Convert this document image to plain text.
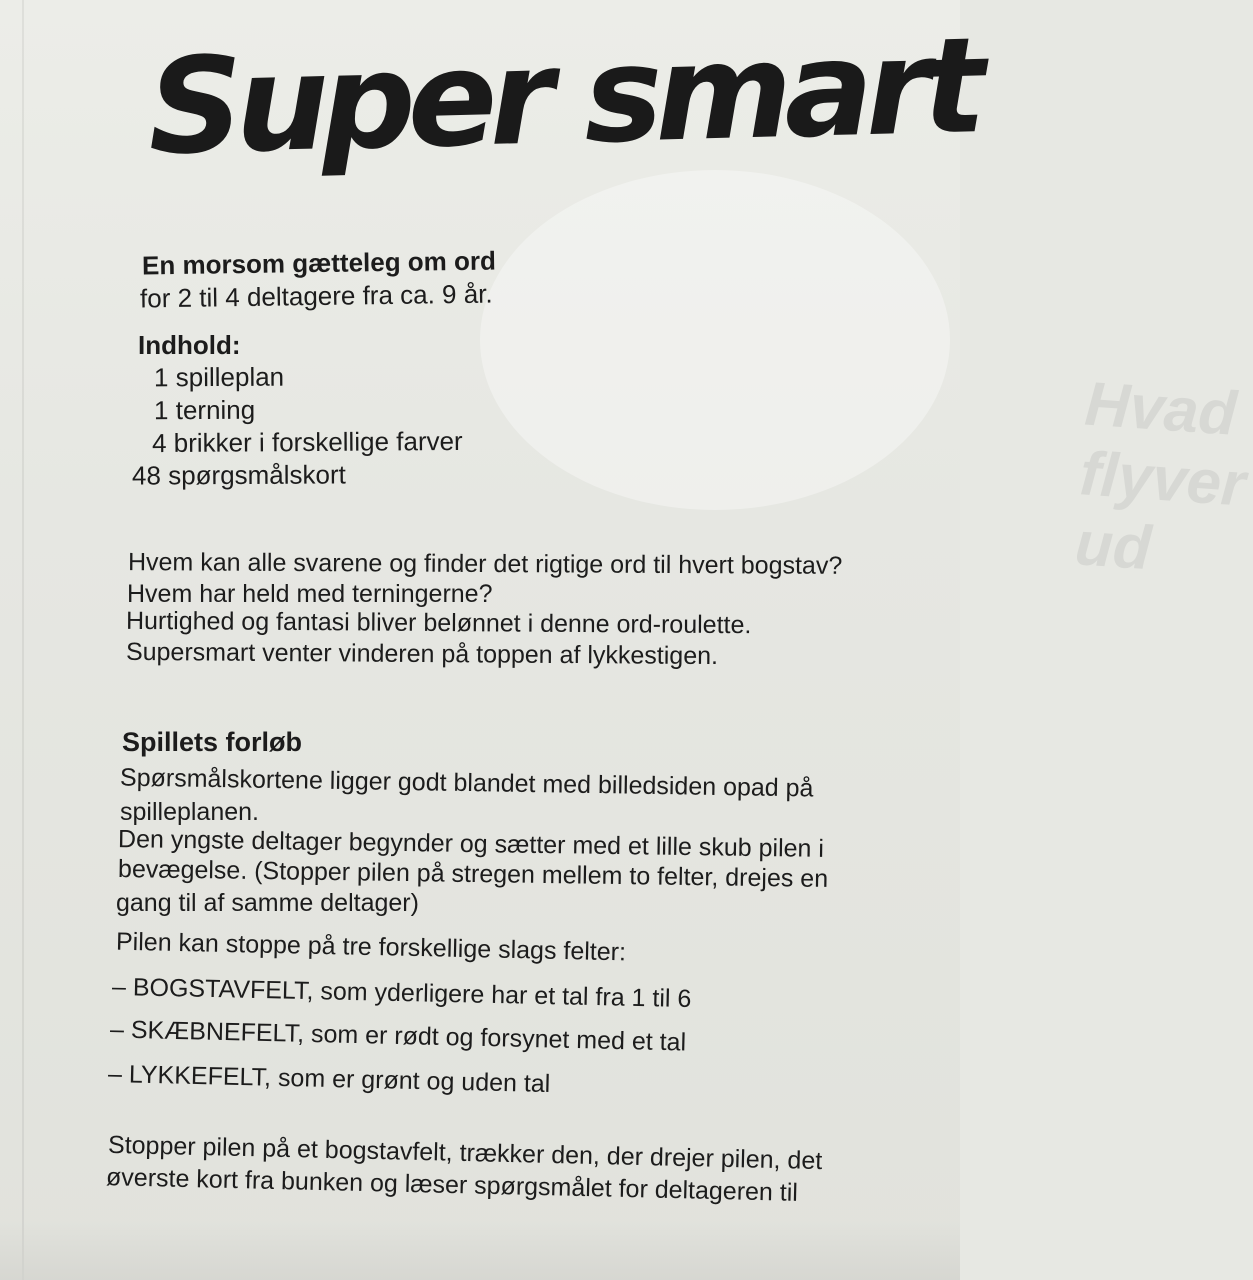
Hvad
flyver
ud
Super smart
En morsom gætteleg om ord
for 2 til 4 deltagere fra ca. 9 år.
Indhold:
1 spilleplan
1 terning
4 brikker i forskellige farver
48 spørgsmålskort
Hvem kan alle svarene og finder det rigtige ord til hvert bogstav?
Hvem har held med terningerne?
Hurtighed og fantasi bliver belønnet i denne ord-roulette.
Supersmart venter vinderen på toppen af lykkestigen.
Spillets forløb
Spørsmålskortene ligger godt blandet med billedsiden opad på
spilleplanen.
Den yngste deltager begynder og sætter med et lille skub pilen i
bevægelse. (Stopper pilen på stregen mellem to felter, drejes en
gang til af samme deltager)
Pilen kan stoppe på tre forskellige slags felter:
– BOGSTAVFELT, som yderligere har et tal fra 1 til 6
– SKÆBNEFELT, som er rødt og forsynet med et tal
– LYKKEFELT, som er grønt og uden tal
Stopper pilen på et bogstavfelt, trækker den, der drejer pilen, det
øverste kort fra bunken og læser spørgsmålet for deltageren til
